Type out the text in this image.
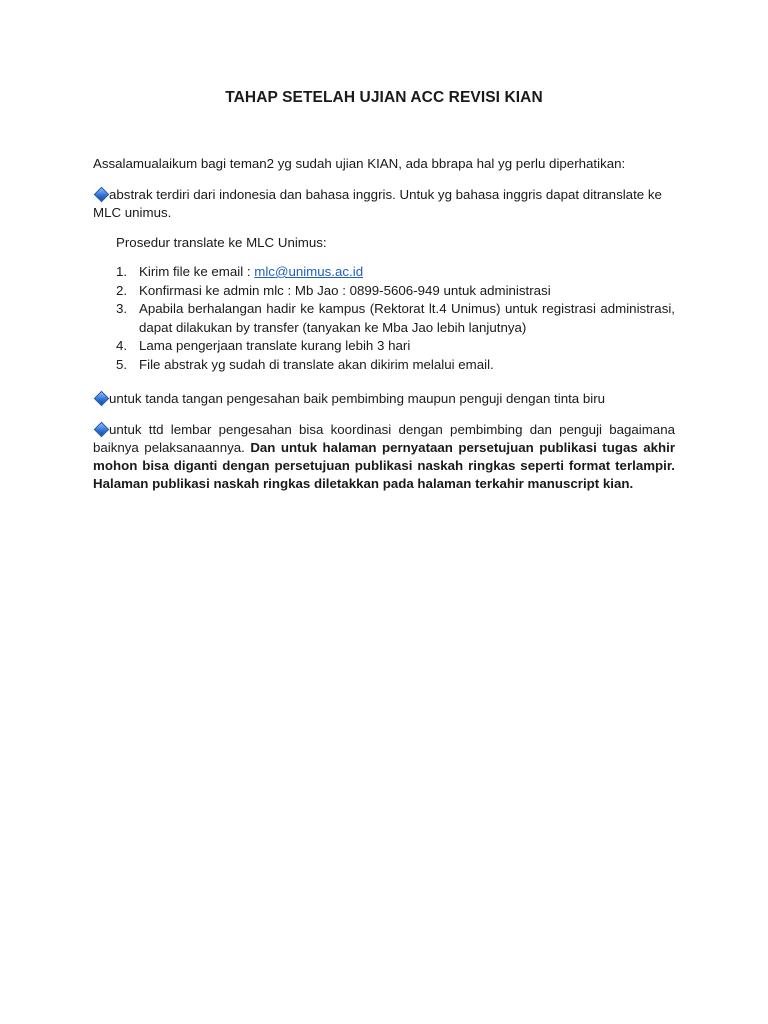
TAHAP SETELAH UJIAN ACC REVISI KIAN
Assalamualaikum bagi teman2 yg sudah ujian KIAN, ada bbrapa hal yg perlu diperhatikan:
abstrak terdiri dari indonesia dan bahasa inggris. Untuk yg bahasa inggris dapat ditranslate ke MLC unimus.
Prosedur translate ke MLC Unimus:
1. Kirim file ke email : mlc@unimus.ac.id
2. Konfirmasi ke admin mlc : Mb Jao : 0899-5606-949 untuk administrasi
3. Apabila berhalangan hadir ke kampus (Rektorat lt.4 Unimus) untuk registrasi administrasi, dapat dilakukan by transfer (tanyakan ke Mba Jao lebih lanjutnya)
4. Lama pengerjaan translate kurang lebih 3 hari
5. File abstrak yg sudah di translate akan dikirim melalui email.
untuk tanda tangan pengesahan baik pembimbing maupun penguji dengan tinta biru
untuk ttd lembar pengesahan bisa koordinasi dengan pembimbing dan penguji bagaimana baiknya pelaksanaannya. Dan untuk halaman pernyataan persetujuan publikasi tugas akhir mohon bisa diganti dengan persetujuan publikasi naskah ringkas seperti format terlampir. Halaman publikasi naskah ringkas diletakkan pada halaman terkahir manuscript kian.
